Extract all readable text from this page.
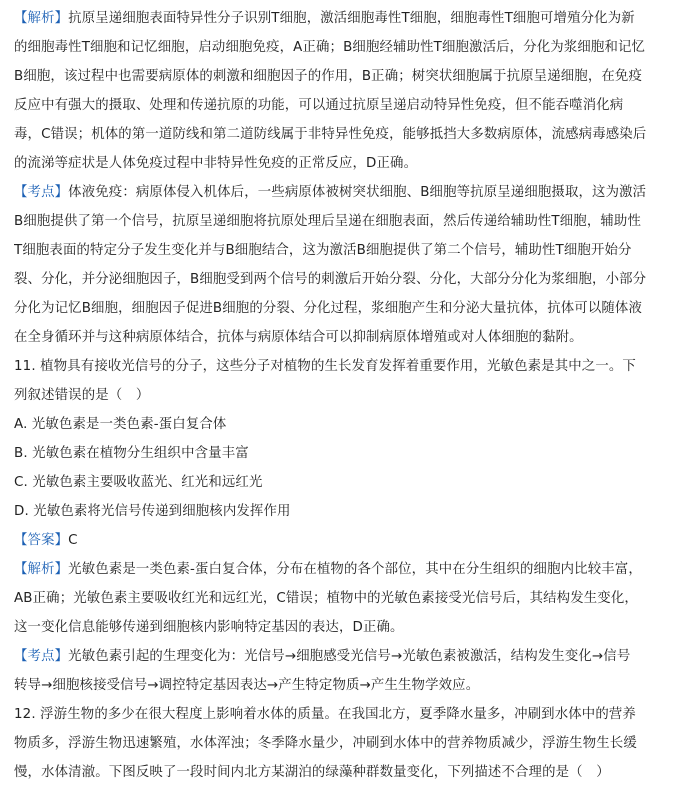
【解析】抗原呈递细胞表面特异性分子识别T细胞，激活细胞毒性T细胞，细胞毒性T细胞可增殖分化为新
的细胞毒性T细胞和记忆细胞，启动细胞免疫，A正确；B细胞经辅助性T细胞激活后，分化为浆细胞和记忆
B细胞，该过程中也需要病原体的刺激和细胞因子的作用，B正确；树突状细胞属于抗原呈递细胞，在免疫
反应中有强大的摄取、处理和传递抗原的功能，可以通过抗原呈递启动特异性免疫，但不能吞噬消化病
毒，C错误；机体的第一道防线和第二道防线属于非特异性免疫，能够抵挡大多数病原体，流感病毒感染后
的流涕等症状是人体免疫过程中非特异性免疫的正常反应，D正确。
【考点】体液免疫：病原体侵入机体后，一些病原体被树突状细胞、B细胞等抗原呈递细胞摄取，这为激活
B细胞提供了第一个信号，抗原呈递细胞将抗原处理后呈递在细胞表面，然后传递给辅助性T细胞，辅助性
T细胞表面的特定分子发生变化并与B细胞结合，这为激活B细胞提供了第二个信号，辅助性T细胞开始分
裂、分化，并分泌细胞因子，B细胞受到两个信号的刺激后开始分裂、分化，大部分分化为浆细胞，小部分
分化为记忆B细胞，细胞因子促进B细胞的分裂、分化过程，浆细胞产生和分泌大量抗体，抗体可以随体液
在全身循环并与这种病原体结合，抗体与病原体结合可以抑制病原体增殖或对人体细胞的黏附。
11. 植物具有接收光信号的分子，这些分子对植物的生长发育发挥着重要作用，光敏色素是其中之一。下
列叙述错误的是（　）
A. 光敏色素是一类色素-蛋白复合体
B. 光敏色素在植物分生组织中含量丰富
C. 光敏色素主要吸收蓝光、红光和远红光
D. 光敏色素将光信号传递到细胞核内发挥作用
【答案】C
【解析】光敏色素是一类色素-蛋白复合体，分布在植物的各个部位，其中在分生组织的细胞内比较丰富，
AB正确；光敏色素主要吸收红光和远红光，C错误；植物中的光敏色素接受光信号后，其结构发生变化，
这一变化信息能够传递到细胞核内影响特定基因的表达，D正确。
【考点】光敏色素引起的生理变化为：光信号→细胞感受光信号→光敏色素被激活，结构发生变化→信号
转导→细胞核接受信号→调控特定基因表达→产生特定物质→产生生物学效应。
12. 浮游生物的多少在很大程度上影响着水体的质量。在我国北方，夏季降水量多，冲刷到水体中的营养
物质多，浮游生物迅速繁殖，水体浑浊；冬季降水量少，冲刷到水体中的营养物质减少，浮游生物生长缓
慢，水体清澈。下图反映了一段时间内北方某湖泊的绿藻种群数量变化，下列描述不合理的是（　）
